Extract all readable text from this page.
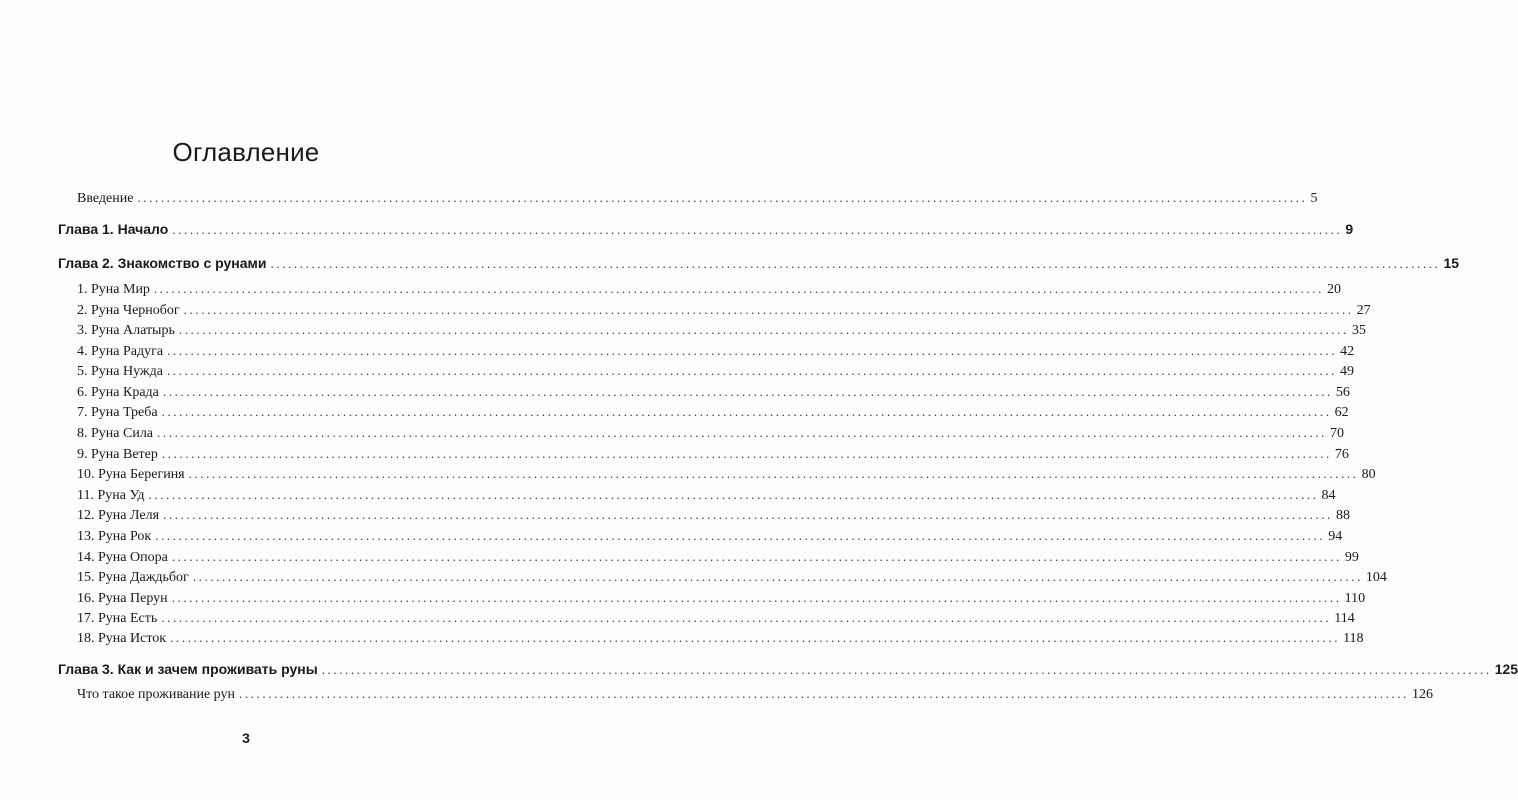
Оглавление
Введение ........................................................................................................................................................................................................ 5
Глава 1. Начало ........................................................................................................................................................................................................ 9
Глава 2. Знакомство с рунами ........................................................................................................................................................................................................ 15
1. Руна Мир ........................................................................................................................................................................................................ 20
2. Руна Чернобог ........................................................................................................................................................................................................ 27
3. Руна Алатырь ........................................................................................................................................................................................................ 35
4. Руна Радуга ........................................................................................................................................................................................................ 42
5. Руна Нужда ........................................................................................................................................................................................................ 49
6. Руна Крада ........................................................................................................................................................................................................ 56
7. Руна Треба ........................................................................................................................................................................................................ 62
8. Руна Сила ........................................................................................................................................................................................................ 70
9. Руна Ветер ........................................................................................................................................................................................................ 76
10. Руна Берегиня ........................................................................................................................................................................................................ 80
11. Руна Уд ........................................................................................................................................................................................................ 84
12. Руна Леля ........................................................................................................................................................................................................ 88
13. Руна Рок ........................................................................................................................................................................................................ 94
14. Руна Опора ........................................................................................................................................................................................................ 99
15. Руна Даждьбог ........................................................................................................................................................................................................ 104
16. Руна Перун ........................................................................................................................................................................................................ 110
17. Руна Есть ........................................................................................................................................................................................................ 114
18. Руна Исток ........................................................................................................................................................................................................ 118
Глава 3. Как и зачем проживать руны ........................................................................................................................................................................................................ 125
Что такое проживание рун ........................................................................................................................................................................................................ 126
3
